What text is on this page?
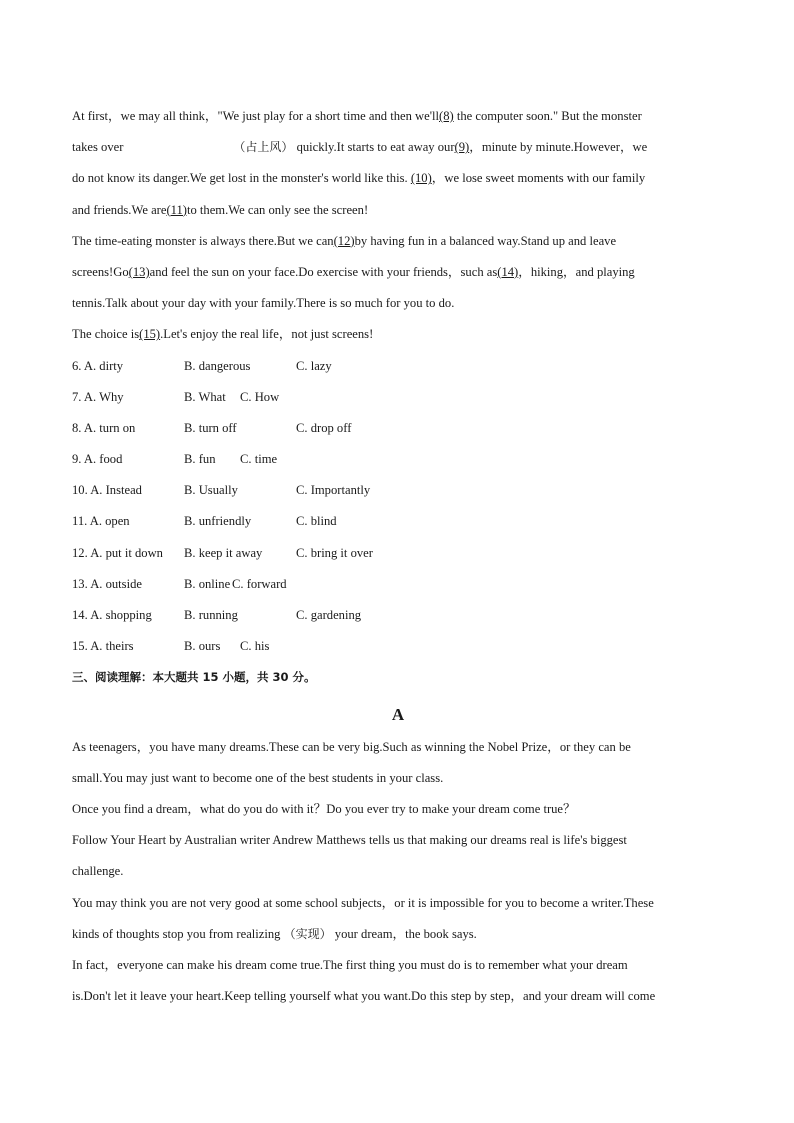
At first，we may all think，"We just play for a short time and then we'll(8) the computer soon." But the monster
takes over	（占上风） quickly.It starts to eat away our(9)，minute by minute.However，we
do not know its danger.We get lost in the monster's world like this. (10)，we lose sweet moments with our family
and friends.We are(11)to them.We can only see the screen!
The time-eating monster is always there.But we can(12)by having fun in a balanced way.Stand up and leave
screens!Go(13)and feel the sun on your face.Do exercise with your friends，such as(14)，hiking，and playing
tennis.Talk about your day with your family.There is so much for you to do.
The choice is(15).Let's enjoy the real life，not just screens!
6. A. dirty	B. dangerous	C. lazy
7. A. Why	B. What C. How
8. A. turn on	B. turn off	C. drop off
9. A. food	B. fun C. time
10. A. Instead	B. Usually	C. Importantly
11. A. open	B. unfriendly	C. blind
12. A. put it down B. keep it away	C. bring it over
13. A. outside	B. online C. forward
14. A. shopping	B. running	C. gardening
15. A. theirs	B. ours C. his
三、阅读理解：本大题共 15 小题，共 30 分。
A
As teenagers，you have many dreams.These can be very big.Such as winning the Nobel Prize，or they can be
small.You may just want to become one of the best students in your class.
Once you find a dream，what do you do with it？Do you ever try to make your dream come true？
Follow Your Heart by Australian writer Andrew Matthews tells us that making our dreams real is life's biggest
challenge.
You may think you are not very good at some school subjects，or it is impossible for you to become a writer.These
kinds of thoughts stop you from realizing （实现） your dream，the book says.
In fact，everyone can make his dream come true.The first thing you must do is to remember what your dream
is.Don't let it leave your heart.Keep telling yourself what you want.Do this step by step，and your dream will come
